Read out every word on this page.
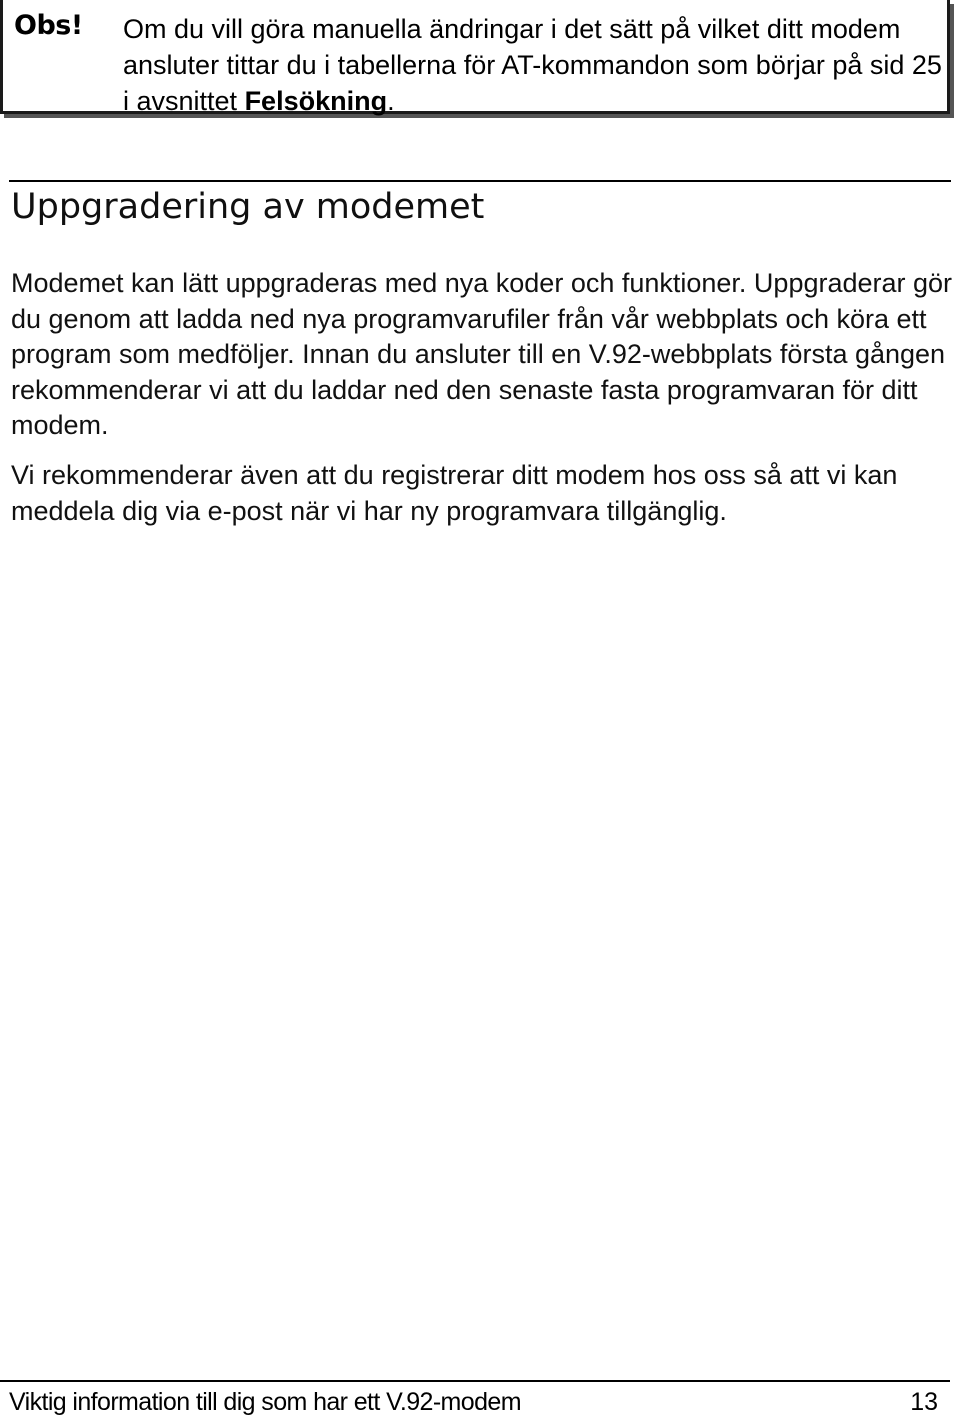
Obs! Om du vill göra manuella ändringar i det sätt på vilket ditt modem ansluter tittar du i tabellerna för AT-kommandon som börjar på sid 25 i avsnittet Felsökning.
Uppgradering av modemet

Modemet kan lätt uppgraderas med nya koder och funktioner. Uppgraderar gör du genom att ladda ned nya programvarufiler från vår webbplats och köra ett program som medföljer. Innan du ansluter till en V.92-webbplats första gången rekommenderar vi att du laddar ned den senaste fasta programvaran för ditt modem.

Vi rekommenderar även att du registrerar ditt modem hos oss så att vi kan meddela dig via e-post när vi har ny programvara tillgänglig.

Viktig information till dig som har ett V.92-modem	13
